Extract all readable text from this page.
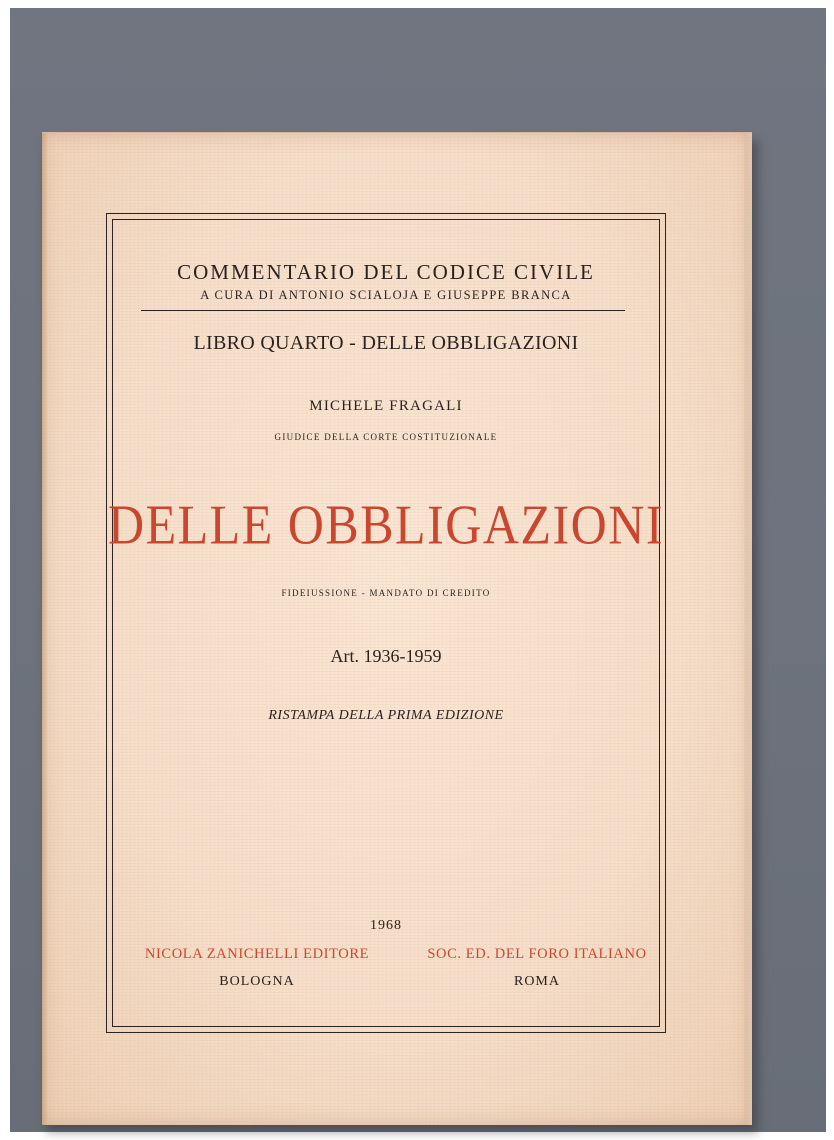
COMMENTARIO DEL CODICE CIVILE
A CURA DI ANTONIO SCIALOJA E GIUSEPPE BRANCA
LIBRO QUARTO - DELLE OBBLIGAZIONI
MICHELE FRAGALI
GIUDICE DELLA CORTE COSTITUZIONALE
DELLE OBBLIGAZIONI
FIDEIUSSIONE - MANDATO DI CREDITO
Art. 1936-1959
RISTAMPA DELLA PRIMA EDIZIONE
1968
NICOLA ZANICHELLI EDITORE
BOLOGNA
SOC. ED. DEL FORO ITALIANO
ROMA
